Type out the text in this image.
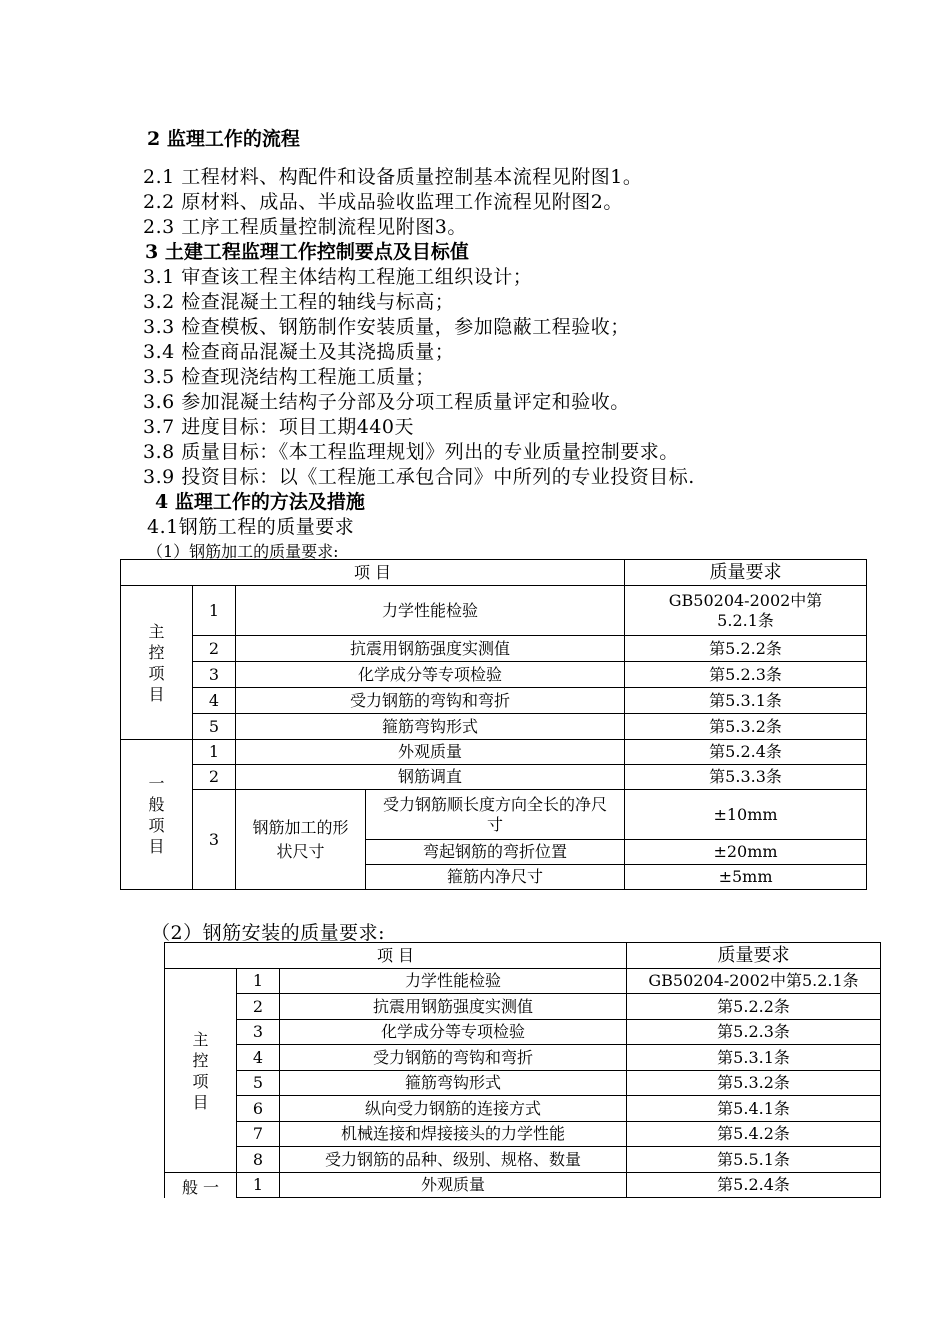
2 监理工作的流程
2.1 工程材料、构配件和设备质量控制基本流程见附图1。
2.2 原材料、成品、半成品验收监理工作流程见附图2。
2.3 工序工程质量控制流程见附图3。
3 土建工程监理工作控制要点及目标值
3.1 审查该工程主体结构工程施工组织设计；
3.2 检查混凝土工程的轴线与标高；
3.3 检查模板、钢筋制作安装质量，参加隐蔽工程验收；
3.4 检查商品混凝土及其浇捣质量；
3.5 检查现浇结构工程施工质量；
3.6 参加混凝土结构子分部及分项工程质量评定和验收。
3.7 进度目标：项目工期440天
3.8 质量目标：《本工程监理规划》列出的专业质量控制要求。
3.9 投资目标：以《工程施工承包合同》中所列的专业投资目标.
4 监理工作的方法及措施
4.1钢筋工程的质量要求
（1）钢筋加工的质量要求:
项 目				质量要求
主控项目	1	力学性能检验		GB50204-2002中第5.2.1条
	2	抗震用钢筋强度实测值		第5.2.2条
	3	化学成分等专项检验		第5.2.3条
	4	受力钢筋的弯钩和弯折		第5.3.1条
	5	箍筋弯钩形式		第5.3.2条
一般项目	1	外观质量		第5.2.4条
	2	钢筋调直		第5.3.3条
	3	钢筋加工的形状尺寸	受力钢筋顺长度方向全长的净尺寸	±10mm
			弯起钢筋的弯折位置	±20mm
			箍筋内净尺寸	±5mm
（2）钢筋安装的质量要求:
项 目			质量要求
主控项目	1	力学性能检验	GB50204-2002中第5.2.1条
	2	抗震用钢筋强度实测值	第5.2.2条
	3	化学成分等专项检验	第5.2.3条
	4	受力钢筋的弯钩和弯折	第5.3.1条
	5	箍筋弯钩形式	第5.3.2条
	6	纵向受力钢筋的连接方式	第5.4.1条
	7	机械连接和焊接接头的力学性能	第5.4.2条
	8	受力钢筋的品种、级别、规格、数量	第5.5.1条
般 一	1	外观质量	第5.2.4条
